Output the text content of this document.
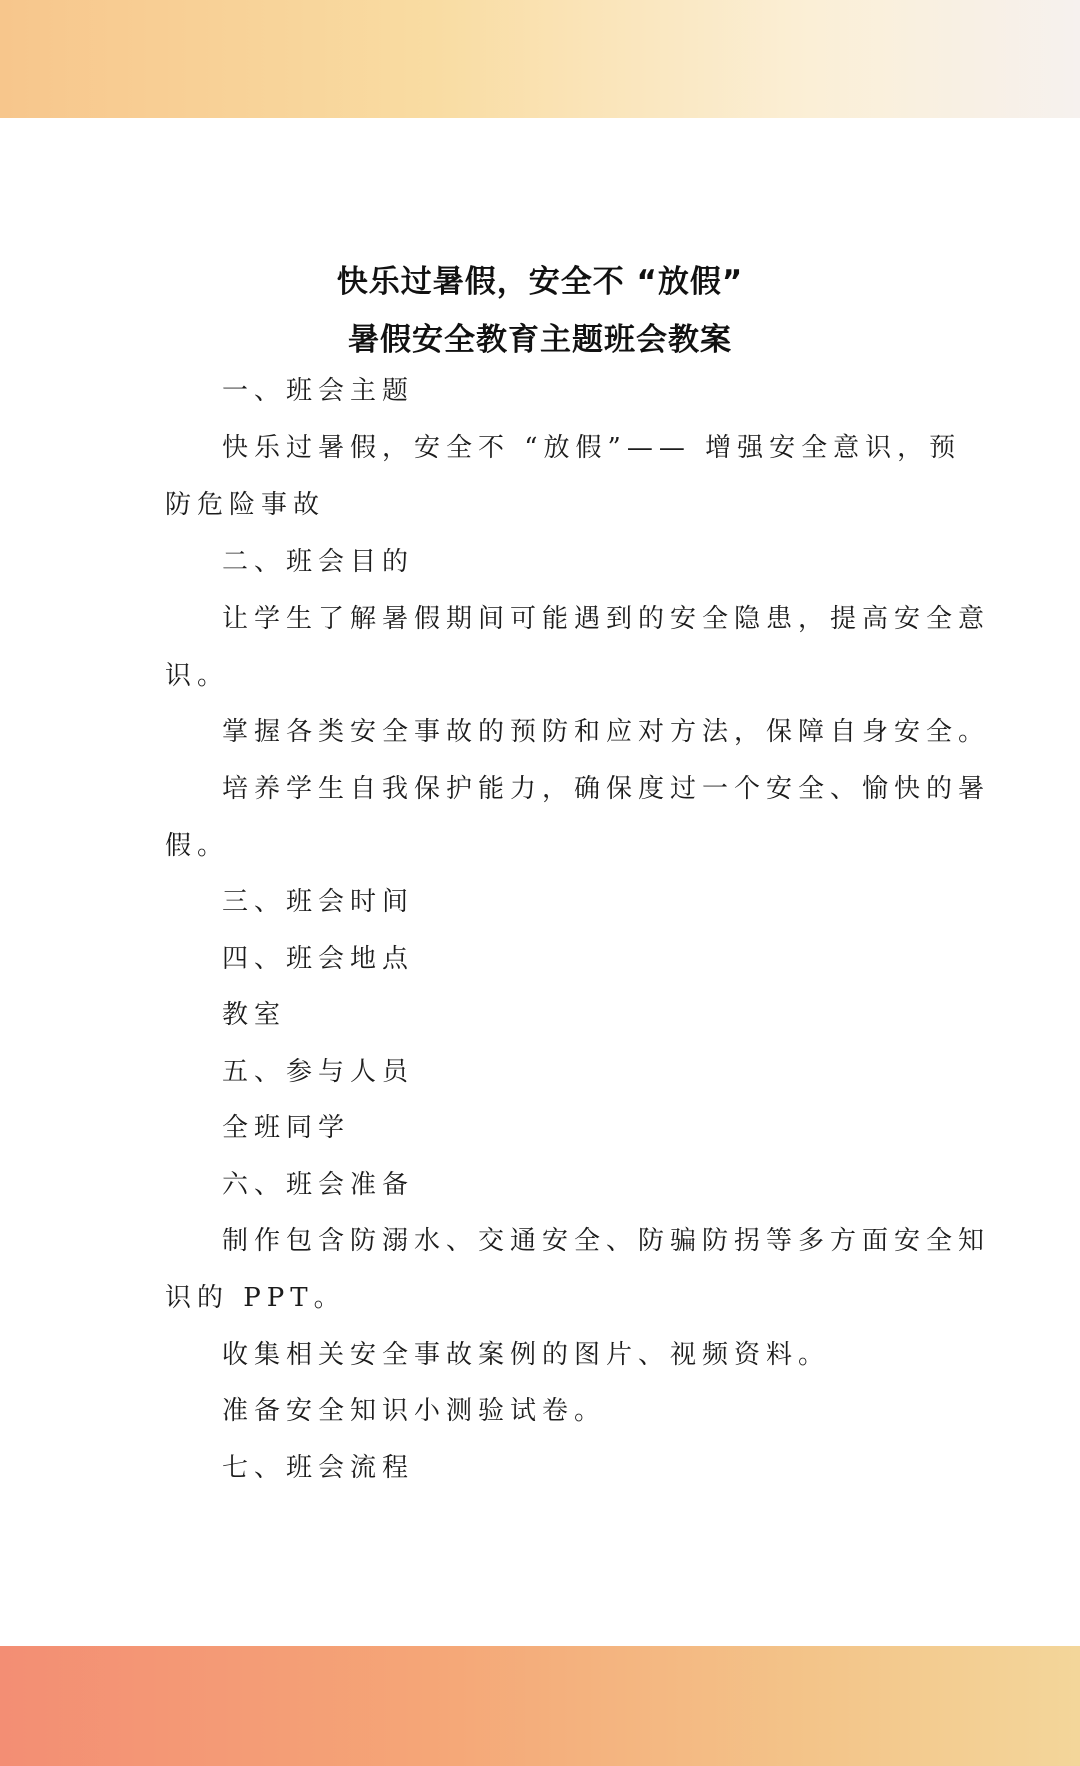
快乐过暑假，安全不 “放假”
暑假安全教育主题班会教案

一、班会主题

快乐过暑假，安全不 “放假”—— 增强安全意识，预

防危险事故

二、班会目的

让学生了解暑假期间可能遇到的安全隐患，提高安全意

识。

掌握各类安全事故的预防和应对方法，保障自身安全。

培养学生自我保护能力，确保度过一个安全、愉快的暑

假。

三、班会时间

四、班会地点

教室

五、参与人员

全班同学

六、班会准备

制作包含防溺水、交通安全、防骗防拐等多方面安全知

识的 PPT。

收集相关安全事故案例的图片、视频资料。

准备安全知识小测验试卷。

七、班会流程
